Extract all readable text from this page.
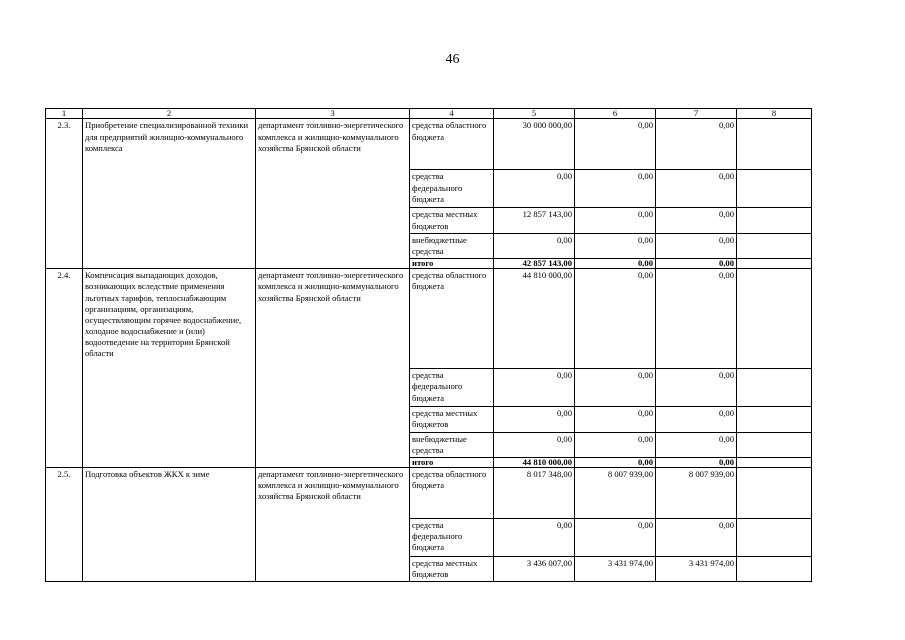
46
1	2	3	4	5	6	7	8
2.3.	Приобретение специализированной техники для предприятий жилищно-коммунального комплекса	департамент топливно-энергетического комплекса и жилищно-коммунального хозяйства Брянской области	средства областного бюджета	30 000 000,00	0,00	0,00	
			средства федерального бюджета	0,00	0,00	0,00	
			средства местных бюджетов	12 857 143,00	0,00	0,00	
			внебюджетные средства	0,00	0,00	0,00	
			итого	42 857 143,00	0,00	0,00	
2.4.	Компенсация выпадающих доходов, возникающих вследствие применения льготных тарифов, теплоснабжающим организациям, организациям, осуществляющим горячее водоснабжение, холодное водоснабжение и (или) водоотведение на территории Брянской области	департамент топливно-энергетического комплекса и жилищно-коммунального хозяйства Брянской области	средства областного бюджета	44 810 000,00	0,00	0,00	
			средства федерального бюджета	0,00	0,00	0,00	
			средства местных бюджетов	0,00	0,00	0,00	
			внебюджетные средства	0,00	0,00	0,00	
			итого	44 810 000,00	0,00	0,00	
2.5.	Подготовка объектов ЖКХ к зиме	департамент топливно-энергетического комплекса и жилищно-коммунального хозяйства Брянской области	средства областного бюджета	8 017 348,00	8 007 939,00	8 007 939,00	
			средства федерального бюджета	0,00	0,00	0,00	
			средства местных бюджетов	3 436 007,00	3 431 974,00	3 431 974,00	
